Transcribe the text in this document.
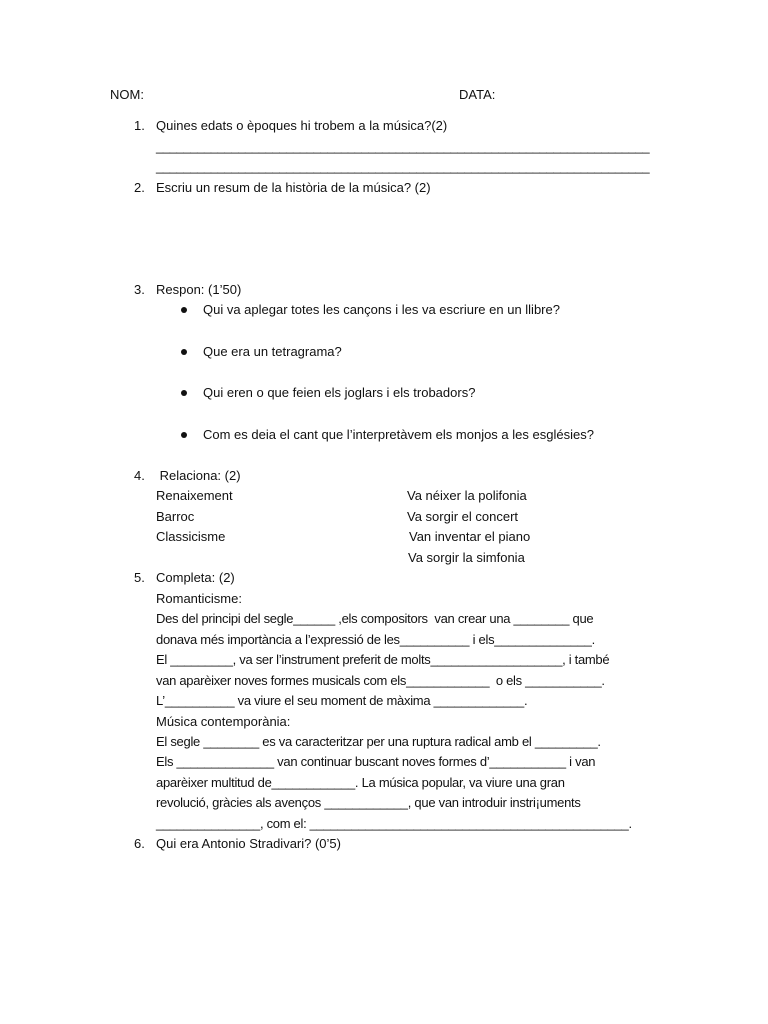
NOM:	DATA:

1. Quines edats o èpoques hi trobem a la música?(2)

________________________________________________________________________

________________________________________________________________________

2. Escriu un resum de la història de la música? (2)

3. Respon: (1’50)

Qui va aplegar totes les cançons i les va escriure en un llibre?

Que era un tetragrama?

Qui eren o que feien els joglars i els trobadors?

Com es deia el cant que l’interpretàvem els monjos a les esglésies?

4. Relaciona: (2)

Renaixement

Barroc

Classicisme

Va néixer la polifonia

Va sorgir el concert

Van inventar el piano

Va sorgir la simfonia

5. Completa: (2)

Romanticisme:

Des del principi del segle______ ,els compositors  van crear una ________ que

donava més importància a l’expressió de les__________ i els______________.

El _________, va ser l’instrument preferit de molts___________________, i també

van aparèixer noves formes musicals com els____________  o els ___________.

L’__________ va viure el seu moment de màxima _____________.

Música contemporània:

El segle ________ es va caracteritzar per una ruptura radical amb el _________.

Els ______________ van continuar buscant noves formes d’___________ i van

aparèixer multitud de____________. La música popular, va viure una gran

revolució, gràcies als avenços ____________, que van introduir instri¡uments

_______________, com el: ______________________________________________.

6. Qui era Antonio Stradivari? (0’5)
